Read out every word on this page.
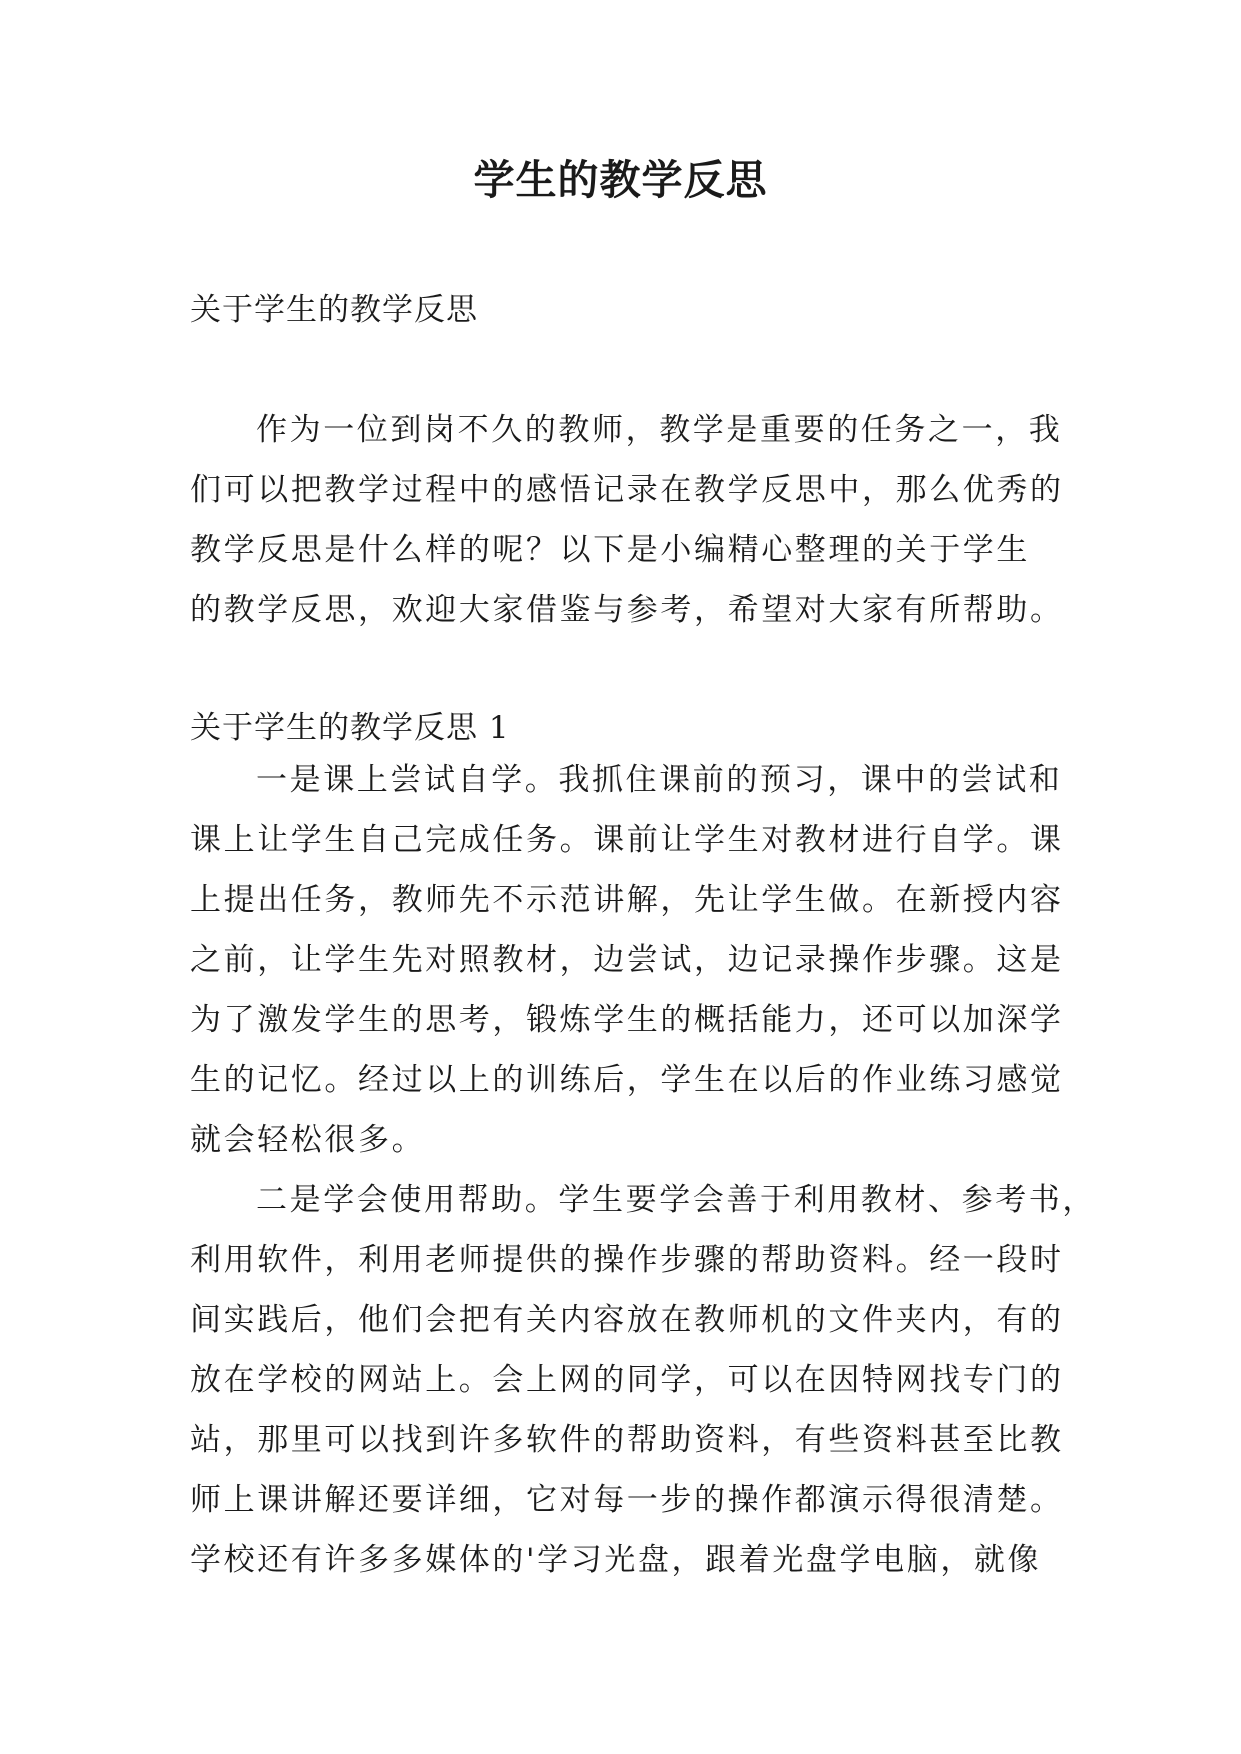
学生的教学反思

关于学生的教学反思

作为一位到岗不久的教师，教学是重要的任务之一，我
们可以把教学过程中的感悟记录在教学反思中，那么优秀的
教学反思是什么样的呢？以下是小编精心整理的关于学生
的教学反思，欢迎大家借鉴与参考，希望对大家有所帮助。

关于学生的教学反思 1

一是课上尝试自学。我抓住课前的预习，课中的尝试和
课上让学生自己完成任务。课前让学生对教材进行自学。课
上提出任务，教师先不示范讲解，先让学生做。在新授内容
之前，让学生先对照教材，边尝试，边记录操作步骤。这是
为了激发学生的思考，锻炼学生的概括能力，还可以加深学
生的记忆。经过以上的训练后，学生在以后的作业练习感觉
就会轻松很多。
二是学会使用帮助。学生要学会善于利用教材、参考书，
利用软件，利用老师提供的操作步骤的帮助资料。经一段时
间实践后，他们会把有关内容放在教师机的文件夹内，有的
放在学校的网站上。会上网的同学，可以在因特网找专门的
站，那里可以找到许多软件的帮助资料，有些资料甚至比教
师上课讲解还要详细，它对每一步的操作都演示得很清楚。
学校还有许多多媒体的'学习光盘，跟着光盘学电脑，就像
